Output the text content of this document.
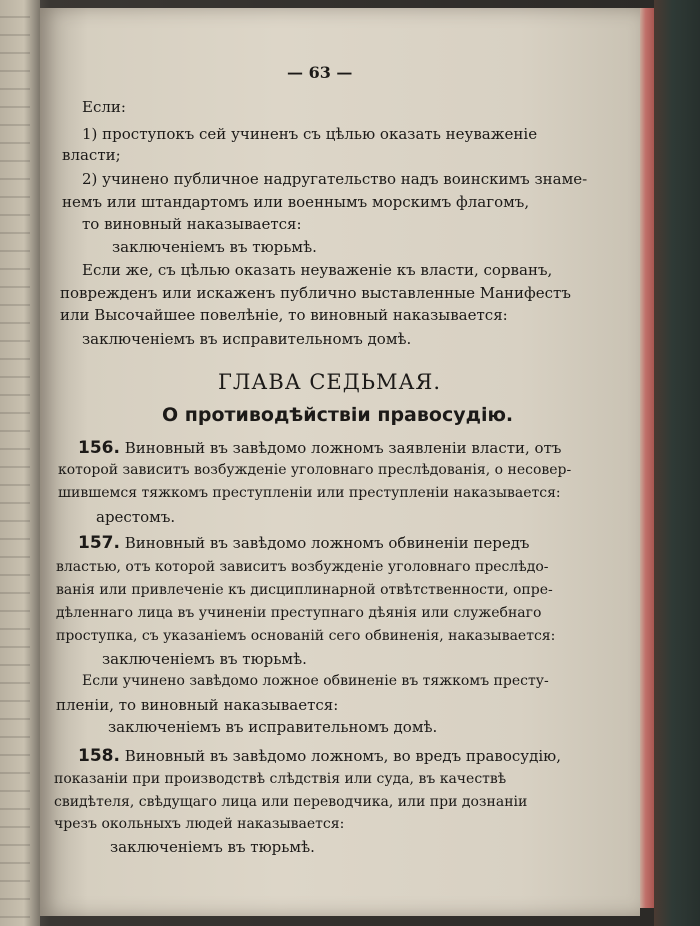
— 63 —
Если:
1) проступокъ сей учиненъ съ цѣлью оказать неуваженіе
власти;
2) учинено публичное надругательство надъ воинскимъ знаме-
немъ или штандартомъ или военнымъ морскимъ флагомъ,
то виновный наказывается:
заключеніемъ въ тюрьмѣ.
Если же, съ цѣлью оказать неуваженіе къ власти, сорванъ,
поврежденъ или искаженъ публично выставленные Манифестъ
или Высочайшее повелѣніе, то виновный наказывается:
заключеніемъ въ исправительномъ домѣ.
ГЛАВА СЕДЬМАЯ.
О противодѣйствіи правосудію.
156. Виновный въ завѣдомо ложномъ заявленіи власти, отъ
которой зависитъ возбужденіе уголовнаго преслѣдованія, о несовер-
шившемся тяжкомъ преступленіи или преступленіи наказывается:
арестомъ.
157. Виновный въ завѣдомо ложномъ обвиненіи передъ
властью, отъ которой зависитъ возбужденіе уголовнаго преслѣдо-
ванія или привлеченіе къ дисциплинарной отвѣтственности, опре-
дѣленнаго лица въ учиненіи преступнаго дѣянія или служебнаго
проступка, съ указаніемъ основаній сего обвиненія, наказывается:
заключеніемъ въ тюрьмѣ.
Если учинено завѣдомо ложное обвиненіе въ тяжкомъ престу-
пленіи, то виновный наказывается:
заключеніемъ въ исправительномъ домѣ.
158. Виновный въ завѣдомо ложномъ, во вредъ правосудію,
показаніи при производствѣ слѣдствія или суда, въ качествѣ
свидѣтеля, свѣдущаго лица или переводчика, или при дознаніи
чрезъ окольныхъ людей наказывается:
заключеніемъ въ тюрьмѣ.
